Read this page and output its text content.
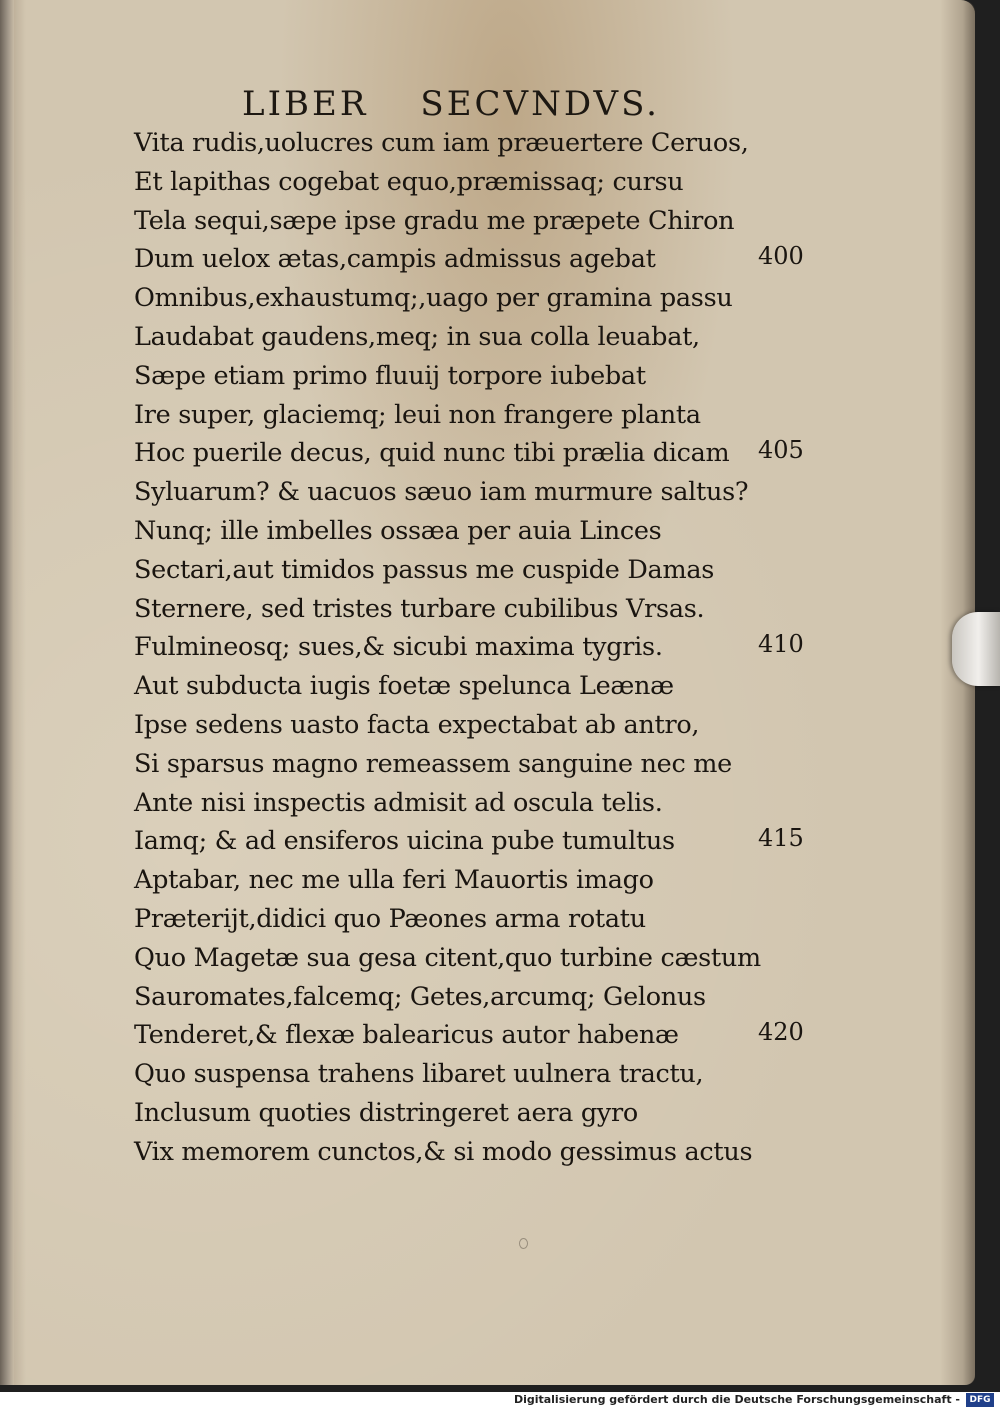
LIBER SECVNDVS.
Vita rudis,uolucres cum iam præuertere Ceruos,
Et lapithas cogebat equo,præmissaq; cursu
Tela sequi,sæpe ipse gradu me præpete Chiron
Dum uelox ætas,campis admissus agebat
Omnibus,exhaustumq;,uago per gramina passu
Laudabat gaudens,meq; in sua colla leuabat,
Sæpe etiam primo fluuij torpore iubebat
Ire super, glaciemq; leui non frangere planta
Hoc puerile decus, quid nunc tibi prælia dicam
Syluarum? & uacuos sæuo iam murmure saltus?
Nunq; ille imbelles ossæa per auia Linces
Sectari,aut timidos passus me cuspide Damas
Sternere, sed tristes turbare cubilibus Vrsas.
Fulmineosq; sues,& sicubi maxima tygris.
Aut subducta iugis foetæ spelunca Leænæ
Ipse sedens uasto facta expectabat ab antro,
Si sparsus magno remeassem sanguine nec me
Ante nisi inspectis admisit ad oscula telis.
Iamq; & ad ensiferos uicina pube tumultus
Aptabar, nec me ulla feri Mauortis imago
Præterijt,didici quo Pæones arma rotatu
Quo Magetæ sua gesa citent,quo turbine cæstum
Sauromates,falcemq; Getes,arcumq; Gelonus
Tenderet,& flexæ balearicus autor habenæ
Quo suspensa trahens libaret uulnera tractu,
Inclusum quoties distringeret aera gyro
Vix memorem cunctos,& si modo gessimus actus
400
405
410
415
420
Digitalisierung gefördert durch die Deutsche Forschungsgemeinschaft -	DFG
